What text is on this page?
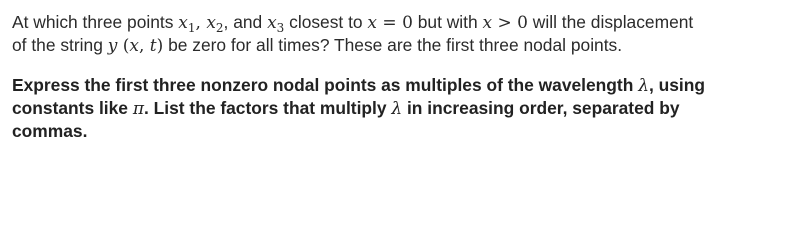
At which three points $x_1$, $x_2$, and $x_3$ closest to x = 0 but with x > 0 will the displacement
of the string y (x, t) be zero for all times? These are the first three nodal points.
Express the first three nonzero nodal points as multiples of the wavelength λ, using
constants like π. List the factors that multiply λ in increasing order, separated by
commas.
